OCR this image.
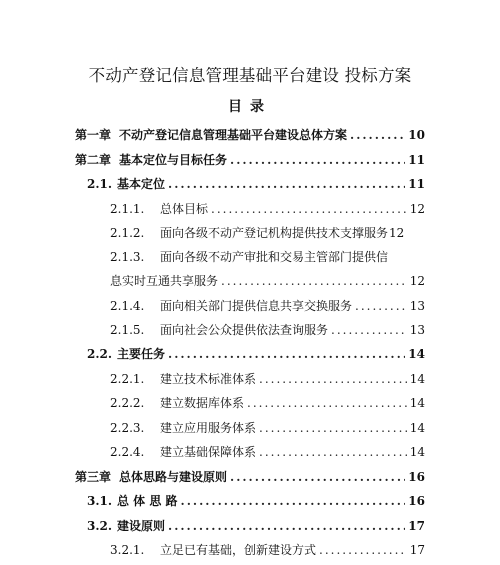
不动产登记信息管理基础平台建设 投标方案
目录
第一章 不动产登记信息管理基础平台建设总体方案 .....	10
第二章 基本定位与目标任务 .....	11
2.1. 基本定位 .....	11
2.1.1.	总体目标 .....	12
2.1.2.	面向各级不动产登记机构提供技术支撑服务 12
2.1.3.	面向各级不动产审批和交易主管部门提供信
息实时互通共享服务 .....	12
2.1.4.	面向相关部门提供信息共享交换服务 .....	13
2.1.5.	面向社会公众提供依法查询服务 .....	13
2.2. 主要任务 .....	14
2.2.1.	建立技术标准体系 .....	14
2.2.2.	建立数据库体系 .....	14
2.2.3.	建立应用服务体系 .....	14
2.2.4.	建立基础保障体系 .....	14
第三章 总体思路与建设原则 .....	16
3.1. 总 体 思 路 .....	16
3.2. 建设原则 .....	17
3.2.1.	立足已有基础，创新建设方式 .....	17
